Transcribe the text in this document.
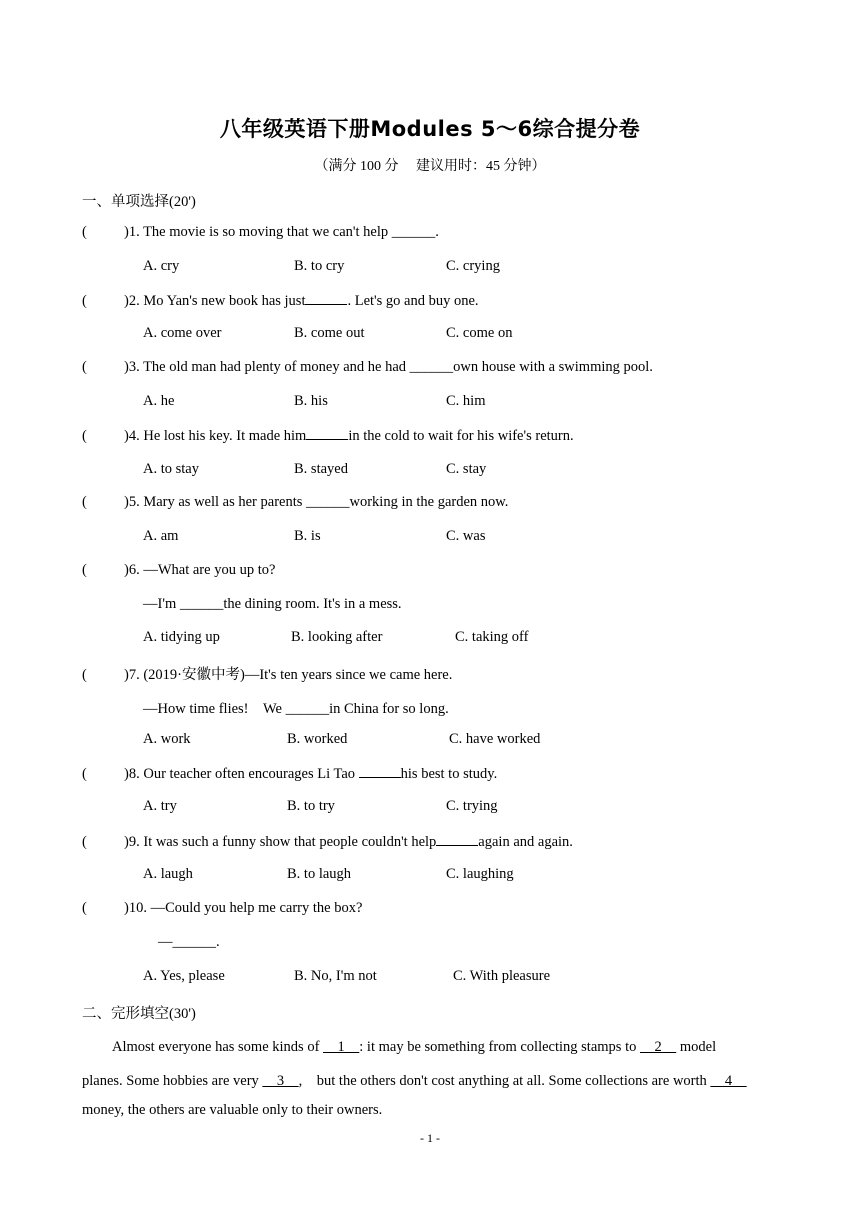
八年级英语下册Modules 5～6综合提分卷
（满分 100 分　 建议用时：45 分钟）
一、单项选择(20')
(	)1. The movie is so moving that we can't help ______.
A. cry	B. to cry	C. crying
(	)2. Mo Yan's new book has just	. Let's go and buy one.
A. come over	B. come out	C. come on
(	)3. The old man had plenty of money and he had ______own house with a swimming pool.
A. he	B. his	C. him
(	)4. He lost his key. It made him	in the cold to wait for his wife's return.
A. to stay	B. stayed	C. stay
(	)5. Mary as well as her parents ______working in the garden now.
A. am	B. is	C. was
(	)6. —What are you up to?
—I'm ______the dining room. It's in a mess.
A. tidying up	B. looking after	C. taking off
(	)7. (2019·安徽中考)—It's ten years since we came here.
—How time flies!　We ______in China for so long.
A. work	B. worked	C. have worked
(	)8. Our teacher often encourages Li Tao	his best to study.
A. try	B. to try	C. trying
(	)9. It was such a funny show that people couldn't help	again and again.
A. laugh	B. to laugh	C. laughing
(	)10. —Could you help me carry the box?
—______.
A. Yes, please	B. No, I'm not	C. With pleasure
二、完形填空(30')
Almost everyone has some kinds of 　1　: it may be something from collecting stamps to 　2　 model
planes. Some hobbies are very 　3　,　but the others don't cost anything at all. Some collections are worth 　4　
money, the others are valuable only to their owners.
- 1 -
